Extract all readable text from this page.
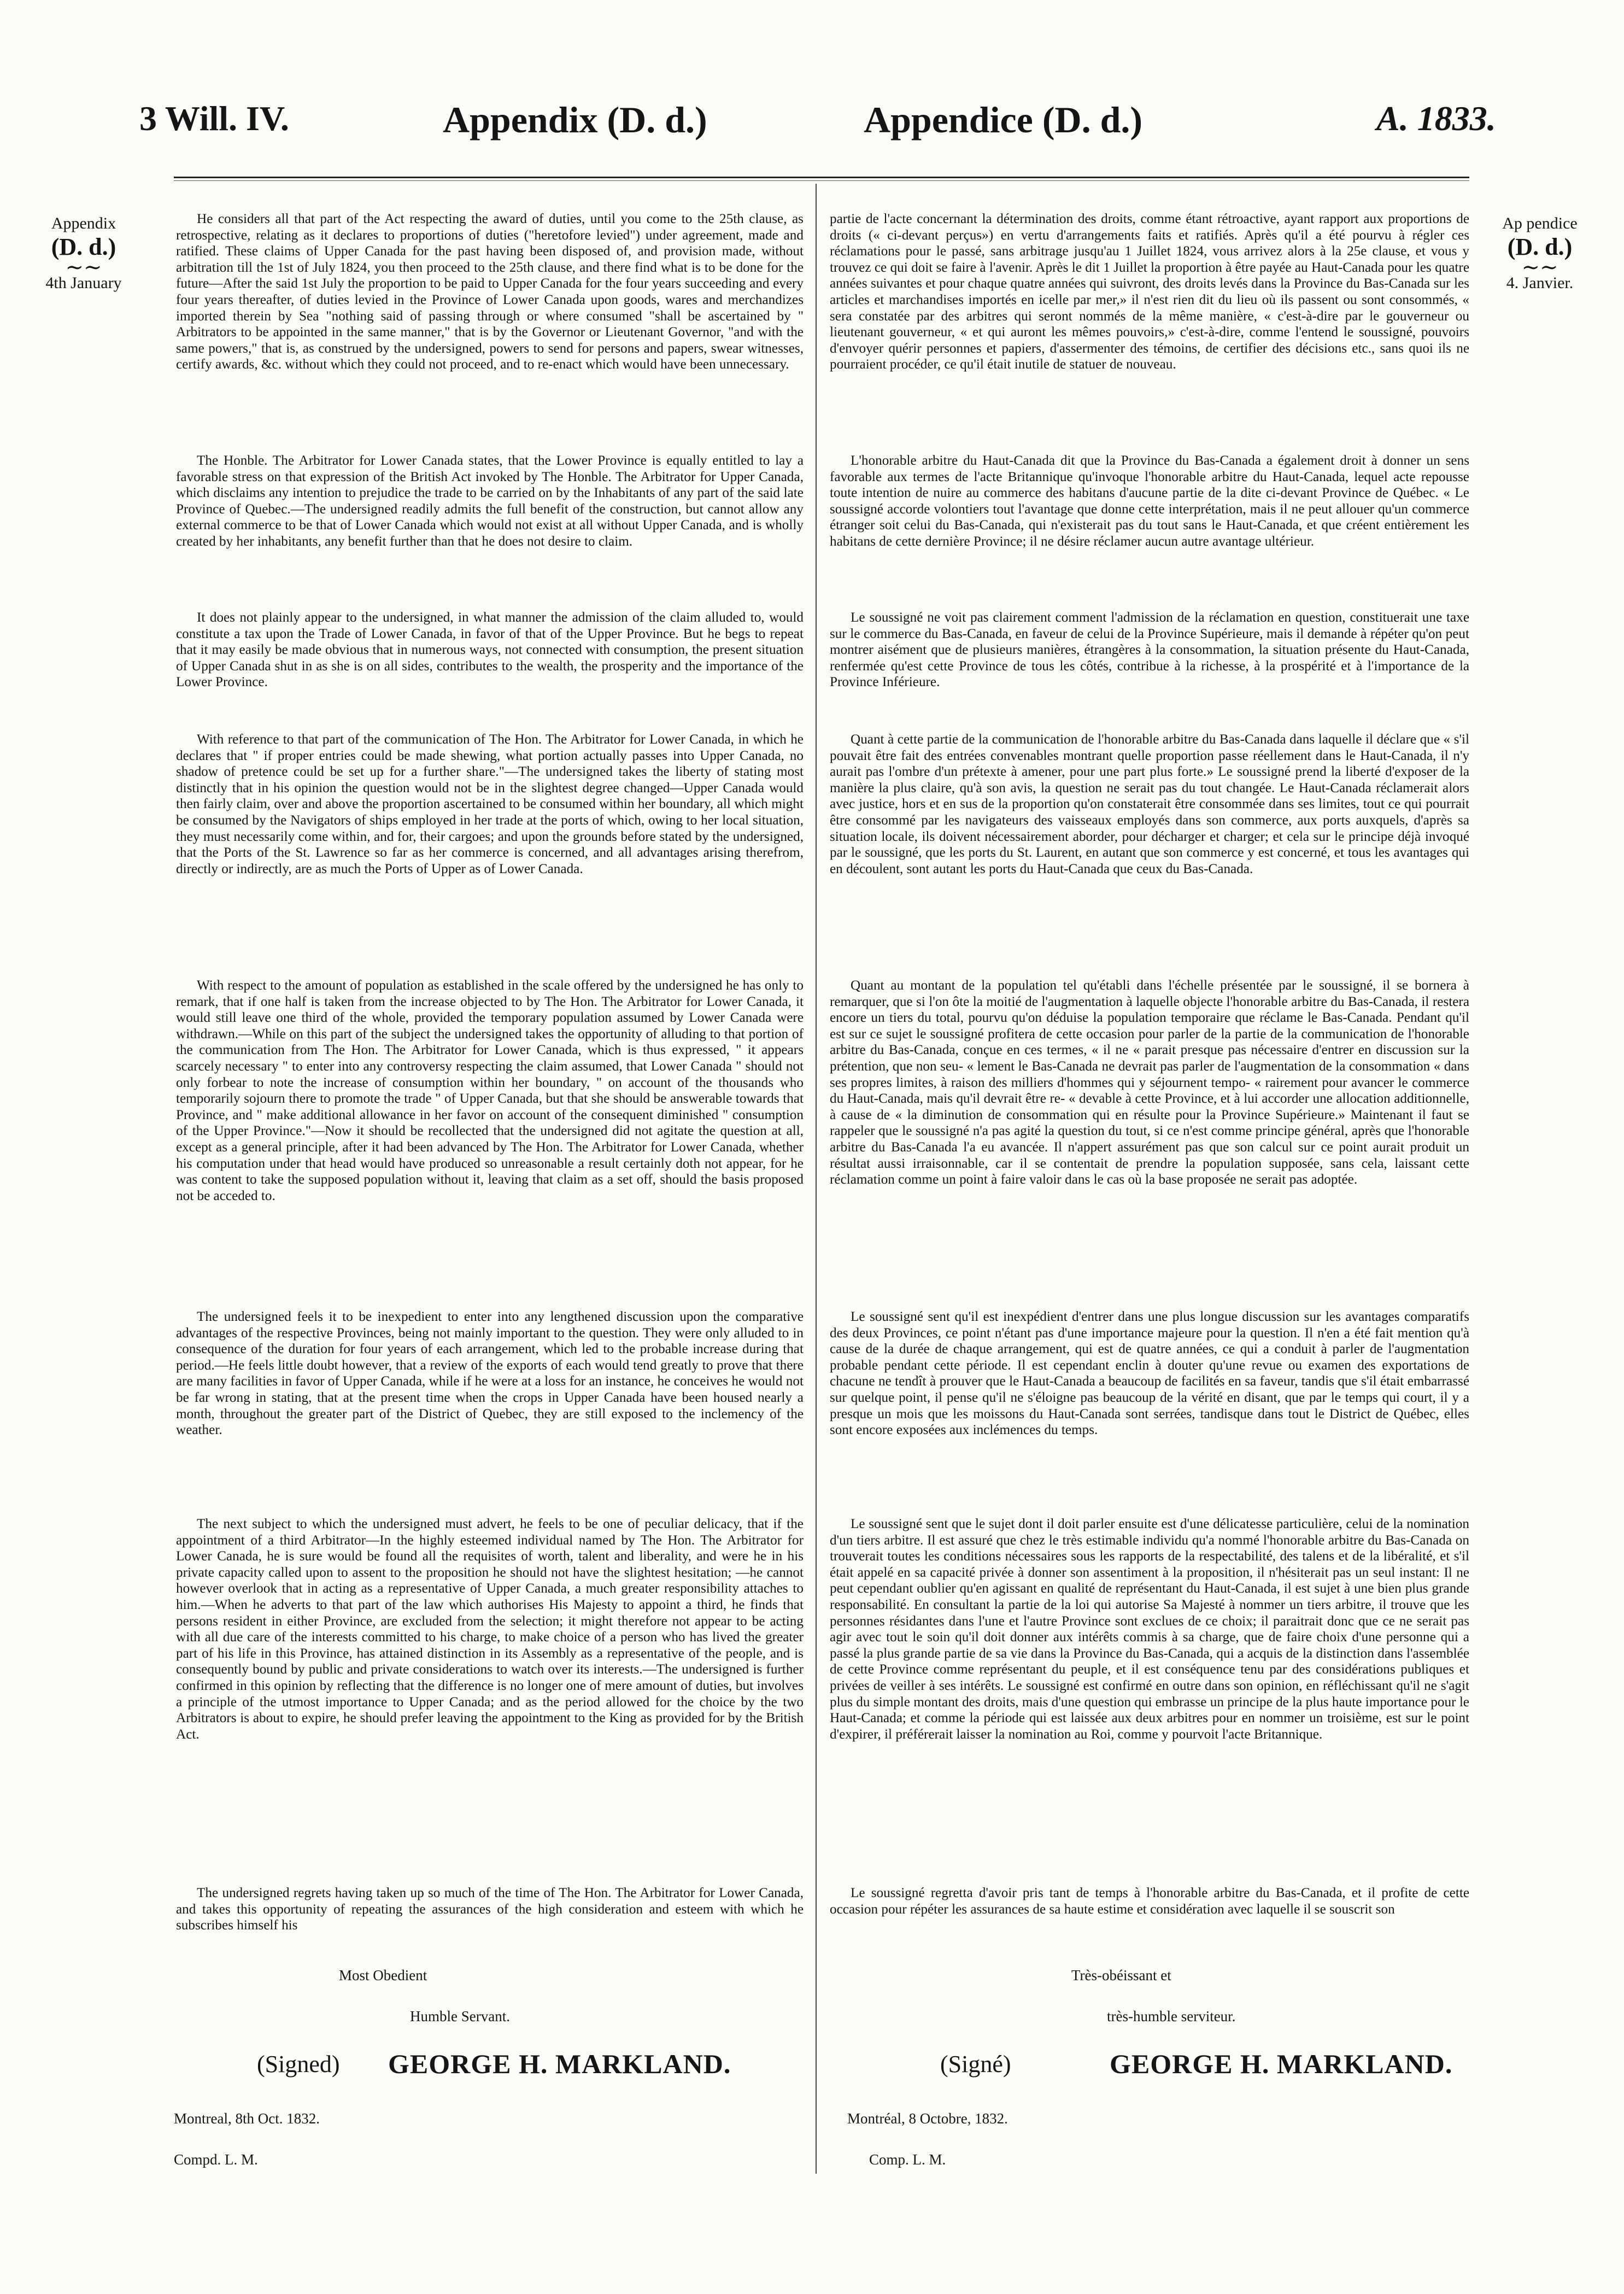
3 Will. IV.	Appendix (D. d.)	Appendice (D. d.)	A. 1833.
Appendix

(D. d.)
∼∼
4th January
Ap pendice

(D. d.)
∼∼
4. Janvier.

He considers all that part of the Act respecting the award of duties, until you come to the 25th clause, as retrospective, relating as it declares to proportions of duties ("heretofore levied") under agreement, made and ratified. These claims of Upper Canada for the past having been disposed of, and provision made, without arbitration till the 1st of July 1824, you then proceed to the 25th clause, and there find what is to be done for the future—After the said 1st July the proportion to be paid to Upper Canada for the four years succeeding and every four years thereafter, of duties levied in the Province of Lower Canada upon goods, wares and merchandizes imported therein by Sea "nothing said of passing through or where consumed "shall be ascertained by " Arbitrators to be appointed in the same manner," that is by the Governor or Lieutenant Governor, "and with the same powers," that is, as construed by the undersigned, powers to send for persons and papers, swear witnesses, certify awards, &c. without which they could not proceed, and to re-enact which would have been unnecessary.

The Honble. The Arbitrator for Lower Canada states, that the Lower Province is equally entitled to lay a favorable stress on that expression of the British Act invoked by The Honble. The Arbitrator for Upper Canada, which disclaims any intention to prejudice the trade to be carried on by the Inhabitants of any part of the said late Province of Quebec.—The undersigned readily admits the full benefit of the construction, but cannot allow any external commerce to be that of Lower Canada which would not exist at all without Upper Canada, and is wholly created by her inhabitants, any benefit further than that he does not desire to claim.

It does not plainly appear to the undersigned, in what manner the admission of the claim alluded to, would constitute a tax upon the Trade of Lower Canada, in favor of that of the Upper Province. But he begs to repeat that it may easily be made obvious that in numerous ways, not connected with consumption, the present situation of Upper Canada shut in as she is on all sides, contributes to the wealth, the prosperity and the importance of the Lower Province.

With reference to that part of the communication of The Hon. The Arbitrator for Lower Canada, in which he declares that " if proper entries could be made shewing, what portion actually passes into Upper Canada, no shadow of pretence could be set up for a further share."—The undersigned takes the liberty of stating most distinctly that in his opinion the question would not be in the slightest degree changed—Upper Canada would then fairly claim, over and above the proportion ascertained to be consumed within her boundary, all which might be consumed by the Navigators of ships employed in her trade at the ports of which, owing to her local situation, they must necessarily come within, and for, their cargoes; and upon the grounds before stated by the undersigned, that the Ports of the St. Lawrence so far as her commerce is concerned, and all advantages arising therefrom, directly or indirectly, are as much the Ports of Upper as of Lower Canada.

With respect to the amount of population as established in the scale offered by the undersigned he has only to remark, that if one half is taken from the increase objected to by The Hon. The Arbitrator for Lower Canada, it would still leave one third of the whole, provided the temporary population assumed by Lower Canada were withdrawn.—While on this part of the subject the undersigned takes the opportunity of alluding to that portion of the communication from The Hon. The Arbitrator for Lower Canada, which is thus expressed, " it appears scarcely necessary " to enter into any controversy respecting the claim assumed, that Lower Canada " should not only forbear to note the increase of consumption within her boundary, " on account of the thousands who temporarily sojourn there to promote the trade " of Upper Canada, but that she should be answerable towards that Province, and " make additional allowance in her favor on account of the consequent diminished " consumption of the Upper Province."—Now it should be recollected that the undersigned did not agitate the question at all, except as a general principle, after it had been advanced by The Hon. The Arbitrator for Lower Canada, whether his computation under that head would have produced so unreasonable a result certainly doth not appear, for he was content to take the supposed population without it, leaving that claim as a set off, should the basis proposed not be acceded to.

The undersigned feels it to be inexpedient to enter into any lengthened discussion upon the comparative advantages of the respective Provinces, being not mainly important to the question. They were only alluded to in consequence of the duration for four years of each arrangement, which led to the probable increase during that period.—He feels little doubt however, that a review of the exports of each would tend greatly to prove that there are many facilities in favor of Upper Canada, while if he were at a loss for an instance, he conceives he would not be far wrong in stating, that at the present time when the crops in Upper Canada have been housed nearly a month, throughout the greater part of the District of Quebec, they are still exposed to the inclemency of the weather.

The next subject to which the undersigned must advert, he feels to be one of peculiar delicacy, that if the appointment of a third Arbitrator—In the highly esteemed individual named by The Hon. The Arbitrator for Lower Canada, he is sure would be found all the requisites of worth, talent and liberality, and were he in his private capacity called upon to assent to the proposition he should not have the slightest hesitation; —he cannot however overlook that in acting as a representative of Upper Canada, a much greater responsibility attaches to him.—When he adverts to that part of the law which authorises His Majesty to appoint a third, he finds that persons resident in either Province, are excluded from the selection; it might therefore not appear to be acting with all due care of the interests committed to his charge, to make choice of a person who has lived the greater part of his life in this Province, has attained distinction in its Assembly as a representative of the people, and is consequently bound by public and private considerations to watch over its interests.—The undersigned is further confirmed in this opinion by reflecting that the difference is no longer one of mere amount of duties, but involves a principle of the utmost importance to Upper Canada; and as the period allowed for the choice by the two Arbitrators is about to expire, he should prefer leaving the appointment to the King as provided for by the British Act.

The undersigned regrets having taken up so much of the time of The Hon. The Arbitrator for Lower Canada, and takes this opportunity of repeating the assurances of the high consideration and esteem with which he subscribes himself his

partie de l'acte concernant la détermination des droits, comme étant rétroactive, ayant rapport aux proportions de droits (« ci-devant perçus») en vertu d'arrangements faits et ratifiés. Après qu'il a été pourvu à régler ces réclamations pour le passé, sans arbitrage jusqu'au 1 Juillet 1824, vous arrivez alors à la 25e clause, et vous y trouvez ce qui doit se faire à l'avenir. Après le dit 1 Juillet la proportion à être payée au Haut-Canada pour les quatre années suivantes et pour chaque quatre années qui suivront, des droits levés dans la Province du Bas-Canada sur les articles et marchandises importés en icelle par mer,» il n'est rien dit du lieu où ils passent ou sont consommés, « sera constatée par des arbitres qui seront nommés de la même manière, « c'est-à-dire par le gouverneur ou lieutenant gouverneur, « et qui auront les mêmes pouvoirs,» c'est-à-dire, comme l'entend le soussigné, pouvoirs d'envoyer quérir personnes et papiers, d'assermenter des témoins, de certifier des décisions etc., sans quoi ils ne pourraient procéder, ce qu'il était inutile de statuer de nouveau.

L'honorable arbitre du Haut-Canada dit que la Province du Bas-Canada a également droit à donner un sens favorable aux termes de l'acte Britannique qu'invoque l'honorable arbitre du Haut-Canada, lequel acte repousse toute intention de nuire au commerce des habitans d'aucune partie de la dite ci-devant Province de Québec. « Le soussigné accorde volontiers tout l'avantage que donne cette interprétation, mais il ne peut allouer qu'un commerce étranger soit celui du Bas-Canada, qui n'existerait pas du tout sans le Haut-Canada, et que créent entièrement les habitans de cette dernière Province; il ne désire réclamer aucun autre avantage ultérieur.

Le soussigné ne voit pas clairement comment l'admission de la réclamation en question, constituerait une taxe sur le commerce du Bas-Canada, en faveur de celui de la Province Supérieure, mais il demande à répéter qu'on peut montrer aisément que de plusieurs manières, étrangères à la consommation, la situation présente du Haut-Canada, renfermée qu'est cette Province de tous les côtés, contribue à la richesse, à la prospérité et à l'importance de la Province Inférieure.

Quant à cette partie de la communication de l'honorable arbitre du Bas-Canada dans laquelle il déclare que « s'il pouvait être fait des entrées convenables montrant quelle proportion passe réellement dans le Haut-Canada, il n'y aurait pas l'ombre d'un prétexte à amener, pour une part plus forte.» Le soussigné prend la liberté d'exposer de la manière la plus claire, qu'à son avis, la question ne serait pas du tout changée. Le Haut-Canada réclamerait alors avec justice, hors et en sus de la proportion qu'on constaterait être consommée dans ses limites, tout ce qui pourrait être consommé par les navigateurs des vaisseaux employés dans son commerce, aux ports auxquels, d'après sa situation locale, ils doivent nécessairement aborder, pour décharger et charger; et cela sur le principe déjà invoqué par le soussigné, que les ports du St. Laurent, en autant que son commerce y est concerné, et tous les avantages qui en découlent, sont autant les ports du Haut-Canada que ceux du Bas-Canada.

Quant au montant de la population tel qu'établi dans l'échelle présentée par le soussigné, il se bornera à remarquer, que si l'on ôte la moitié de l'augmentation à laquelle objecte l'honorable arbitre du Bas-Canada, il restera encore un tiers du total, pourvu qu'on déduise la population temporaire que réclame le Bas-Canada. Pendant qu'il est sur ce sujet le soussigné profitera de cette occasion pour parler de la partie de la communication de l'honorable arbitre du Bas-Canada, conçue en ces termes, « il ne « parait presque pas nécessaire d'entrer en discussion sur la prétention, que non seu- « lement le Bas-Canada ne devrait pas parler de l'augmentation de la consommation « dans ses propres limites, à raison des milliers d'hommes qui y séjournent tempo- « rairement pour avancer le commerce du Haut-Canada, mais qu'il devrait être re- « devable à cette Province, et à lui accorder une allocation additionnelle, à cause de « la diminution de consommation qui en résulte pour la Province Supérieure.» Maintenant il faut se rappeler que le soussigné n'a pas agité la question du tout, si ce n'est comme principe général, après que l'honorable arbitre du Bas-Canada l'a eu avancée. Il n'appert assurément pas que son calcul sur ce point aurait produit un résultat aussi irraisonnable, car il se contentait de prendre la population supposée, sans cela, laissant cette réclamation comme un point à faire valoir dans le cas où la base proposée ne serait pas adoptée.

Le soussigné sent qu'il est inexpédient d'entrer dans une plus longue discussion sur les avantages comparatifs des deux Provinces, ce point n'étant pas d'une importance majeure pour la question. Il n'en a été fait mention qu'à cause de la durée de chaque arrangement, qui est de quatre années, ce qui a conduit à parler de l'augmentation probable pendant cette période. Il est cependant enclin à douter qu'une revue ou examen des exportations de chacune ne tendît à prouver que le Haut-Canada a beaucoup de facilités en sa faveur, tandis que s'il était embarrassé sur quelque point, il pense qu'il ne s'éloigne pas beaucoup de la vérité en disant, que par le temps qui court, il y a presque un mois que les moissons du Haut-Canada sont serrées, tandisque dans tout le District de Québec, elles sont encore exposées aux inclémences du temps.

Le soussigné sent que le sujet dont il doit parler ensuite est d'une délicatesse particulière, celui de la nomination d'un tiers arbitre. Il est assuré que chez le très estimable individu qu'a nommé l'honorable arbitre du Bas-Canada on trouverait toutes les conditions nécessaires sous les rapports de la respectabilité, des talens et de la libéralité, et s'il était appelé en sa capacité privée à donner son assentiment à la proposition, il n'hésiterait pas un seul instant: Il ne peut cependant oublier qu'en agissant en qualité de représentant du Haut-Canada, il est sujet à une bien plus grande responsabilité. En consultant la partie de la loi qui autorise Sa Majesté à nommer un tiers arbitre, il trouve que les personnes résidantes dans l'une et l'autre Province sont exclues de ce choix; il paraitrait donc que ce ne serait pas agir avec tout le soin qu'il doit donner aux intérêts commis à sa charge, que de faire choix d'une personne qui a passé la plus grande partie de sa vie dans la Province du Bas-Canada, qui a acquis de la distinction dans l'assemblée de cette Province comme représentant du peuple, et il est conséquence tenu par des considérations publiques et privées de veiller à ses intérêts. Le soussigné est confirmé en outre dans son opinion, en réfléchissant qu'il ne s'agit plus du simple montant des droits, mais d'une question qui embrasse un principe de la plus haute importance pour le Haut-Canada; et comme la période qui est laissée aux deux arbitres pour en nommer un troisième, est sur le point d'expirer, il préférerait laisser la nomination au Roi, comme y pourvoit l'acte Britannique.

Le soussigné regretta d'avoir pris tant de temps à l'honorable arbitre du Bas-Canada, et il profite de cette occasion pour répéter les assurances de sa haute estime et considération avec laquelle il se souscrit son

Most Obedient
Humble Servant.
(Signed) GEORGE H. MARKLAND.
Montreal, 8th Oct. 1832.
Compd. L. M.
Très-obéissant et
très-humble serviteur.
(Signé)	GEORGE H. MARKLAND.
Montréal, 8 Octobre, 1832.
Comp. L. M.
